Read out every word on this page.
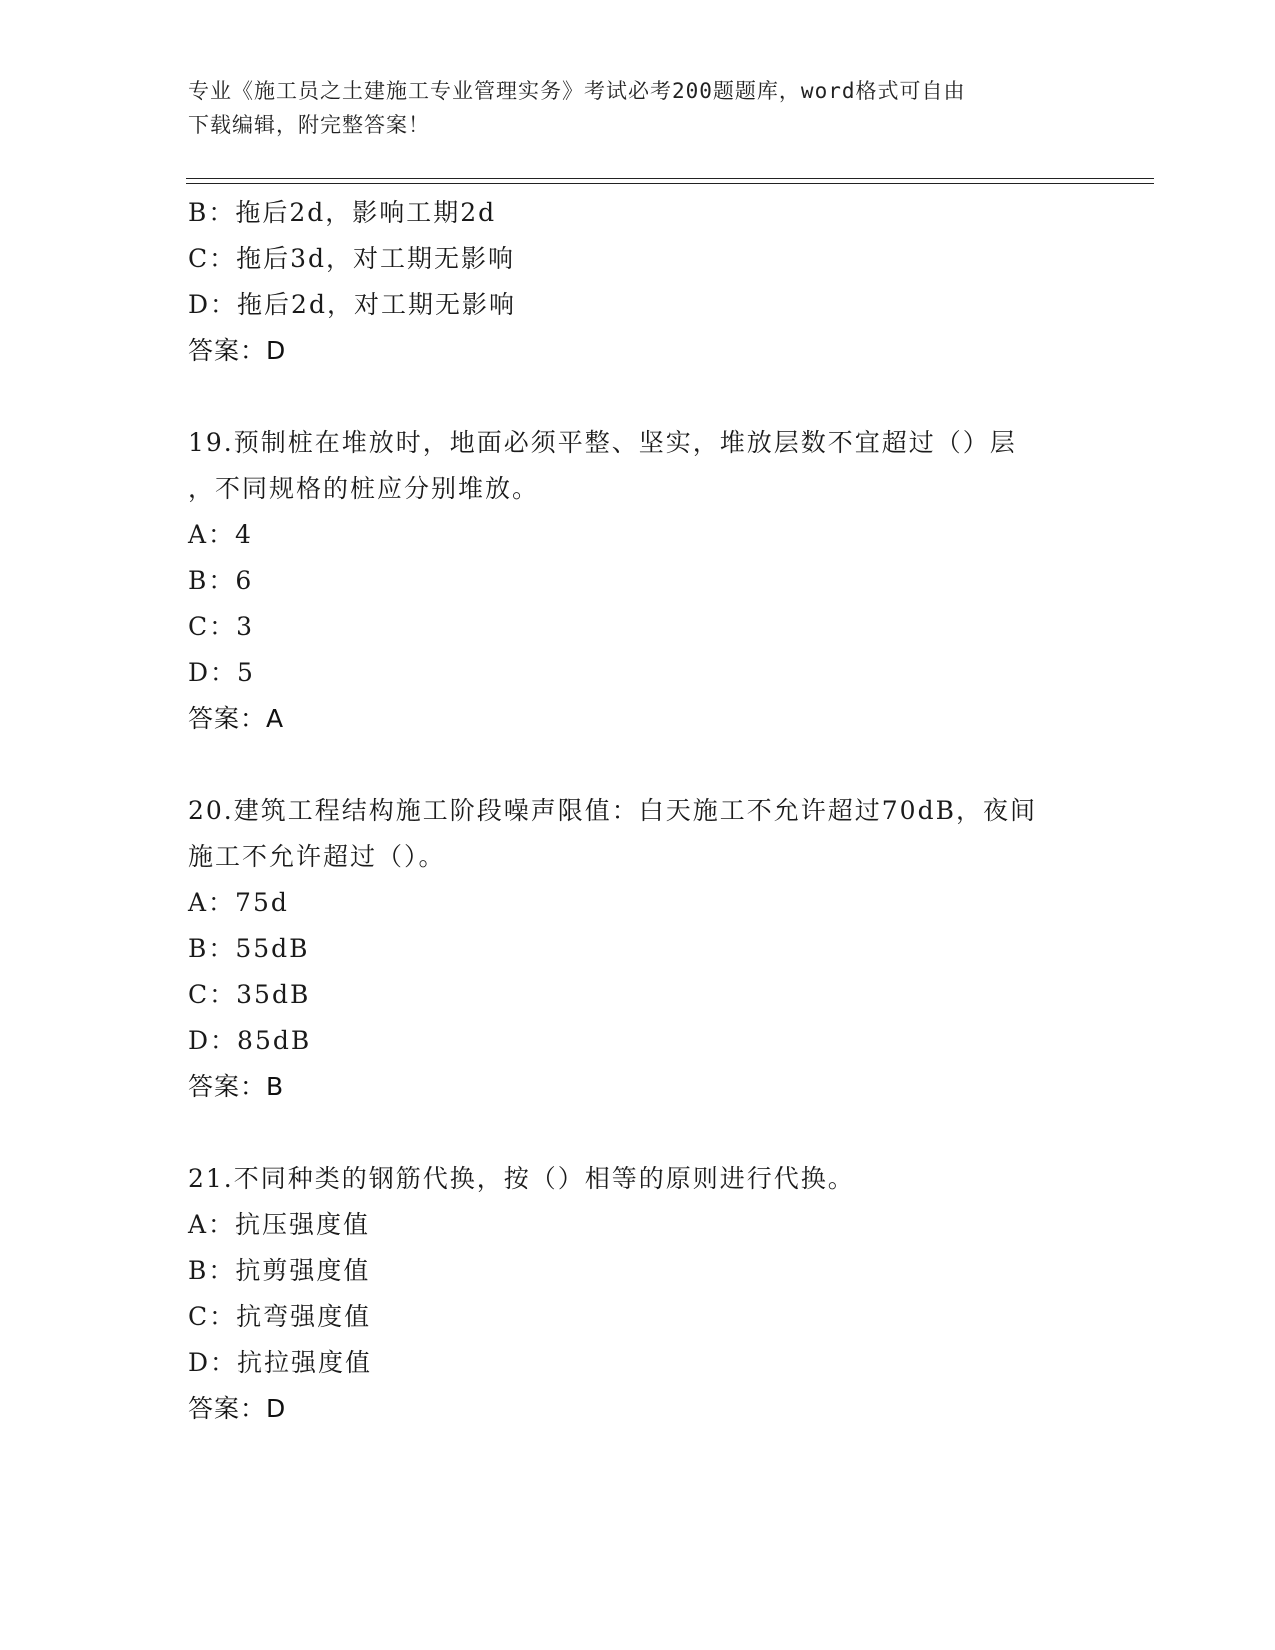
专业《施工员之土建施工专业管理实务》考试必考200题题库，word格式可自由
下载编辑，附完整答案！
B：拖后2d，影响工期2d
C：拖后3d，对工期无影响
D：拖后2d，对工期无影响
答案：D
19.预制桩在堆放时，地面必须平整、坚实，堆放层数不宜超过（）层
，不同规格的桩应分别堆放。
A：4
B：6
C：3
D：5
答案：A
20.建筑工程结构施工阶段噪声限值：白天施工不允许超过70dB，夜间
施工不允许超过（）。
A：75d
B：55dB
C：35dB
D：85dB
答案：B
21.不同种类的钢筋代换，按（）相等的原则进行代换。
A：抗压强度值
B：抗剪强度值
C：抗弯强度值
D：抗拉强度值
答案：D
